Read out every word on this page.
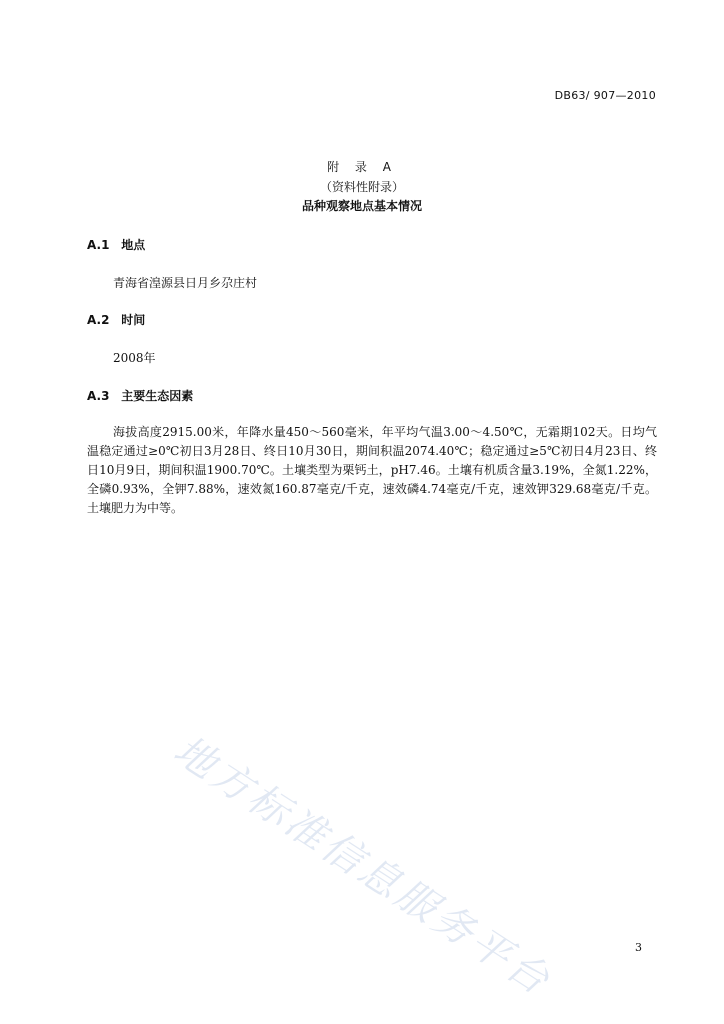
DB63/ 907—2010
附 录 A
（资料性附录）
品种观察地点基本情况
A.1 地点
青海省湟源县日月乡尕庄村
A.2 时间
2008年
A.3 主要生态因素
海拔高度2915.00米，年降水量450～560毫米，年平均气温3.00～4.50℃，无霜期102天。日均气温稳定通过≥0℃初日3月28日、终日10月30日，期间积温2074.40℃；稳定通过≥5℃初日4月23日、终日10月9日，期间积温1900.70℃。土壤类型为栗钙土，pH7.46。土壤有机质含量3.19%，全氮1.22%，全磷0.93%，全钾7.88%，速效氮160.87毫克/千克，速效磷4.74毫克/千克，速效钾329.68毫克/千克。土壤肥力为中等。
地方标准信息服务平台	3
